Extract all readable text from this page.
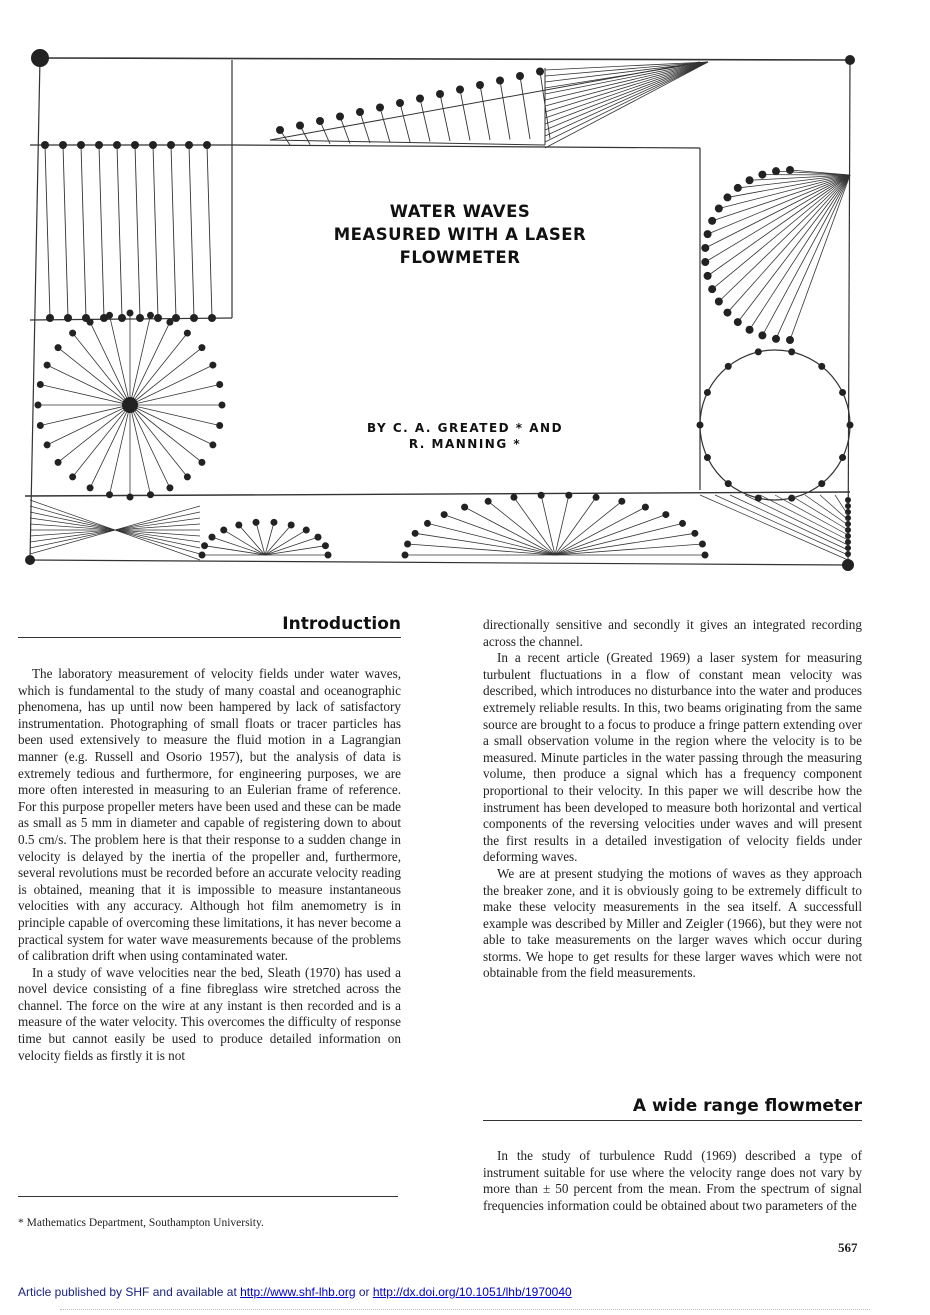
WATER WAVES
MEASURED WITH A LASER
FLOWMETER
BY C. A. GREATED * AND
R. MANNING *
Introduction

The laboratory measurement of velocity fields under water waves, which is fundamental to the study of many coastal and oceanographic phenomena, has up until now been hampered by lack of satisfactory instrumentation. Photographing of small floats or tracer particles has been used extensively to measure the fluid motion in a Lagrangian manner (e.g. Russell and Osorio 1957), but the analysis of data is extremely tedious and furthermore, for engineering purposes, we are more often interested in measuring to an Eulerian frame of reference. For this purpose propeller meters have been used and these can be made as small as 5 mm in diameter and capable of registering down to about 0.5 cm/s. The problem here is that their response to a sudden change in velocity is delayed by the inertia of the propeller and, furthermore, several revolutions must be recorded before an accurate velocity reading is obtained, meaning that it is impossible to measure instantaneous velocities with any accuracy. Although hot film anemometry is in principle capable of overcoming these limitations, it has never become a practical system for water wave measurements because of the problems of calibration drift when using contaminated water.

In a study of wave velocities near the bed, Sleath (1970) has used a novel device consisting of a fine fibreglass wire stretched across the channel. The force on the wire at any instant is then recorded and is a measure of the water velocity. This overcomes the difficulty of response time but cannot easily be used to produce detailed information on velocity fields as firstly it is not

directionally sensitive and secondly it gives an integrated recording across the channel.

In a recent article (Greated 1969) a laser system for measuring turbulent fluctuations in a flow of constant mean velocity was described, which introduces no disturbance into the water and produces extremely reliable results. In this, two beams originating from the same source are brought to a focus to produce a fringe pattern extending over a small observation volume in the region where the velocity is to be measured. Minute particles in the water passing through the measuring volume, then produce a signal which has a frequency component proportional to their velocity. In this paper we will describe how the instrument has been developed to measure both horizontal and vertical components of the reversing velocities under waves and will present the first results in a detailed investigation of velocity fields under deforming waves.

We are at present studying the motions of waves as they approach the breaker zone, and it is obviously going to be extremely difficult to make these velocity measurements in the sea itself. A successfull example was described by Miller and Zeigler (1966), but they were not able to take measurements on the larger waves which occur during storms. We hope to get results for these larger waves which were not obtainable from the field measurements.

A wide range flowmeter

In the study of turbulence Rudd (1969) described a type of instrument suitable for use where the velocity range does not vary by more than ± 50 percent from the mean. From the spectrum of signal frequencies information could be obtained about two parameters of the

* Mathematics Department, Southampton University.
567
Article published by SHF and available at http://www.shf-lhb.org or http://dx.doi.org/10.1051/lhb/1970040
